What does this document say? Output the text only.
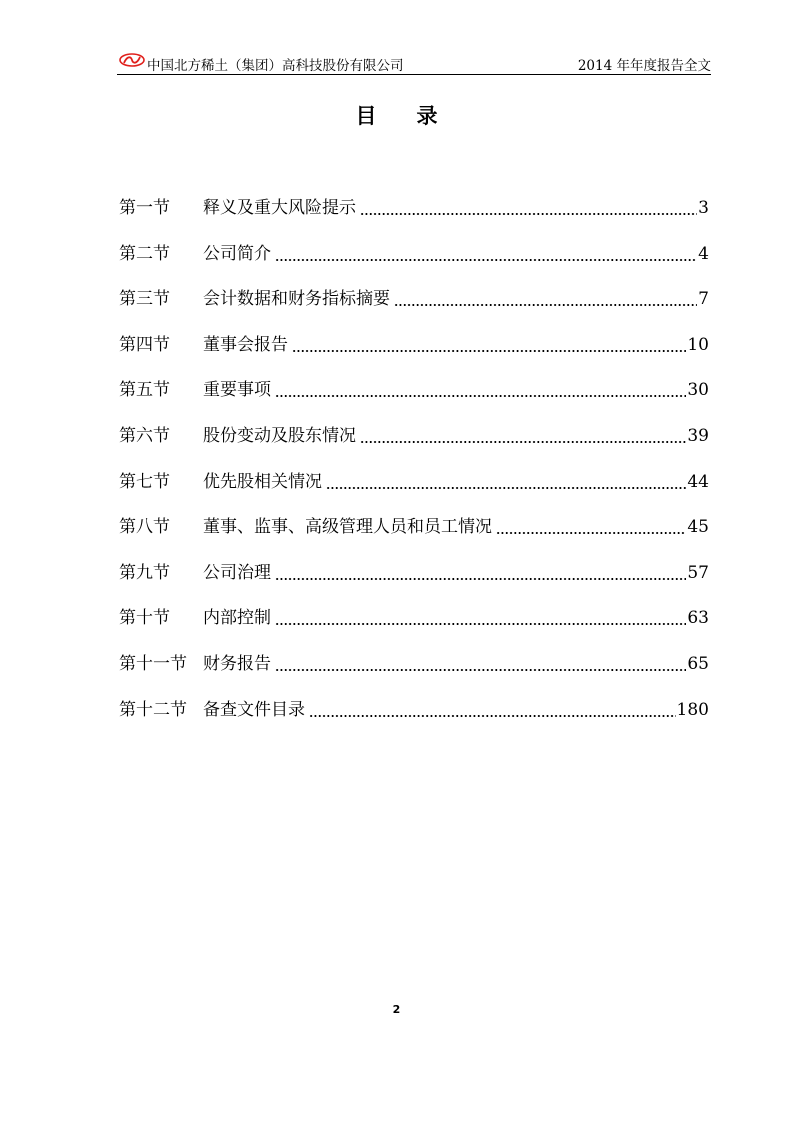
中国北方稀土（集团）高科技股份有限公司	2014 年年度报告全文
目 录
第一节	释义及重大风险提示	3
第二节	公司简介	4
第三节	会计数据和财务指标摘要	7
第四节	董事会报告	10
第五节	重要事项	30
第六节	股份变动及股东情况	39
第七节	优先股相关情况	44
第八节	董事、监事、高级管理人员和员工情况	45
第九节	公司治理	57
第十节	内部控制	63
第十一节 财务报告	65
第十二节 备查文件目录	180
2
